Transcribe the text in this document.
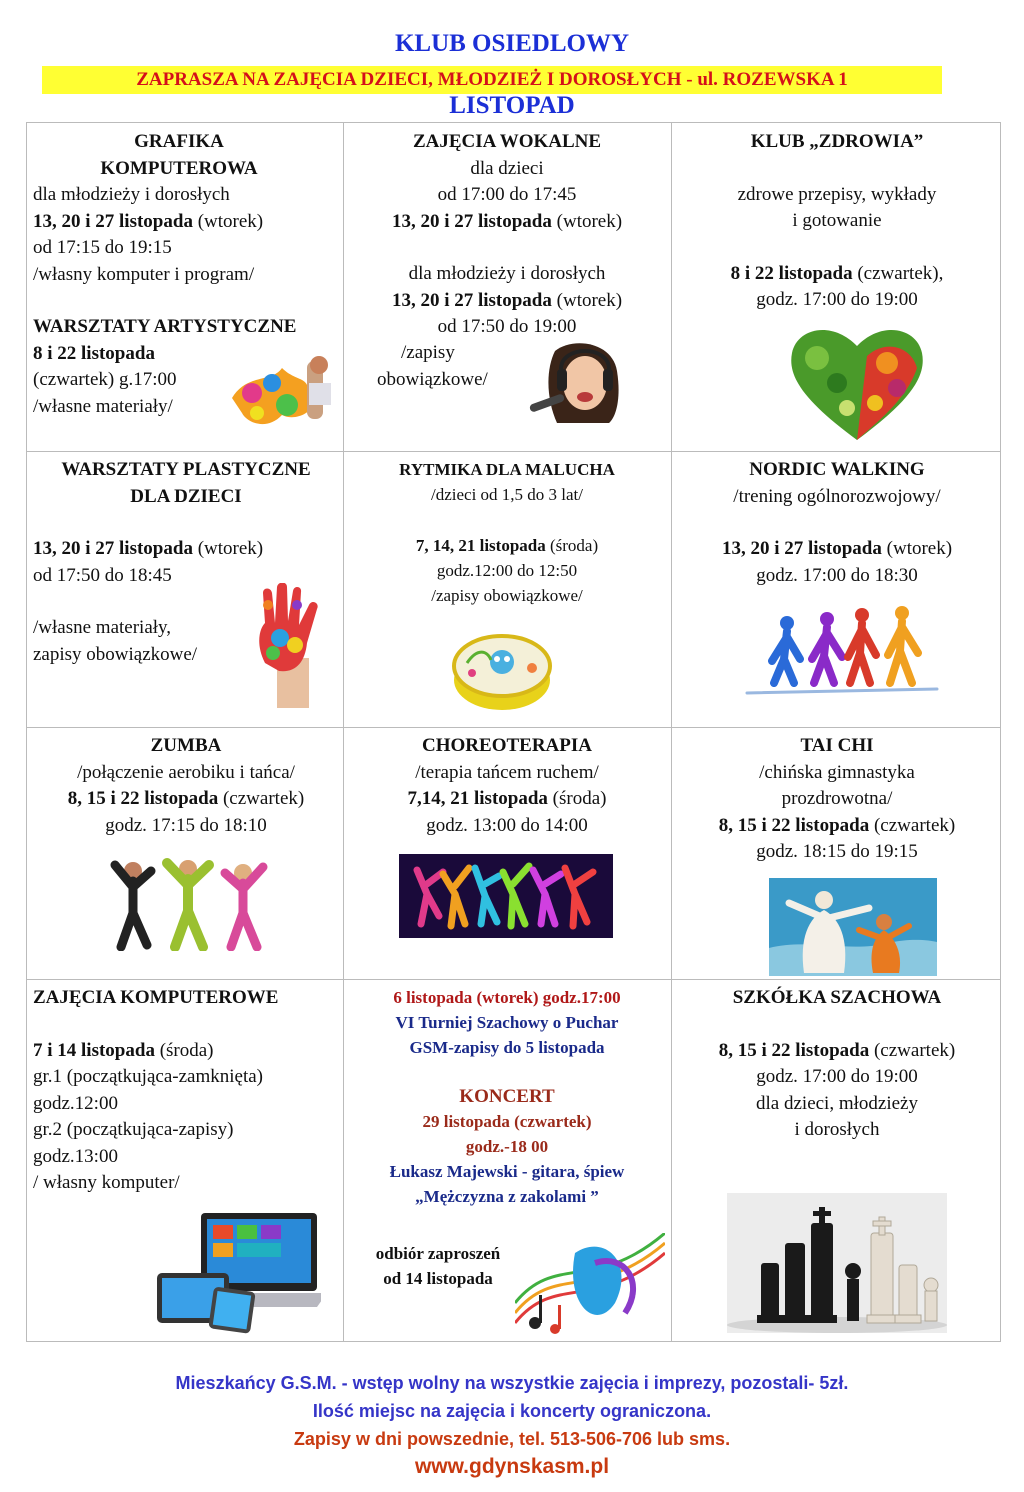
KLUB OSIEDLOWY
ZAPRASZA NA ZAJĘCIA DZIECI, MŁODZIEŻ I DOROSŁYCH - ul. ROZEWSKA 1
LISTOPAD
GRAFIKA
KOMPUTEROWA
dla młodzieży i dorosłych
13, 20 i 27 listopada (wtorek)
od 17:15 do 19:15
/własny komputer i program/
WARSZTATY ARTYSTYCZNE
8 i 22 listopada
(czwartek) g.17:00
/własne materiały/
ZAJĘCIA WOKALNE
dla dzieci
od 17:00 do 17:45
13, 20 i 27 listopada (wtorek)
dla młodzieży i dorosłych
13, 20 i 27 listopada (wtorek)
od 17:50 do 19:00
/zapisy
obowiązkowe/
KLUB „ZDROWIA”
zdrowe przepisy, wykłady
i gotowanie
8 i 22 listopada (czwartek),
godz. 17:00 do 19:00
WARSZTATY PLASTYCZNE
DLA DZIECI
13, 20 i 27 listopada (wtorek)
od 17:50 do 18:45
/własne materiały,
zapisy obowiązkowe/
RYTMIKA DLA MALUCHA
/dzieci od 1,5 do 3 lat/
7, 14, 21 listopada (środa)
godz.12:00 do 12:50
/zapisy obowiązkowe/
NORDIC WALKING
/trening ogólnorozwojowy/
13, 20 i 27 listopada (wtorek)
godz. 17:00 do 18:30
ZUMBA
/połączenie aerobiku i tańca/
8, 15 i 22 listopada (czwartek)
godz. 17:15 do 18:10
CHOREOTERAPIA
/terapia tańcem ruchem/
7,14, 21 listopada (środa)
godz. 13:00 do 14:00
TAI CHI
/chińska gimnastyka
prozdrowotna/
8, 15 i 22 listopada (czwartek)
godz. 18:15 do 19:15
ZAJĘCIA KOMPUTEROWE
7 i 14 listopada (środa)
gr.1 (początkująca-zamknięta)
godz.12:00
gr.2 (początkująca-zapisy)
godz.13:00
/ własny komputer/
6 listopada (wtorek) godz.17:00
VI Turniej Szachowy o Puchar
GSM-zapisy do 5 listopada
KONCERT
29 listopada (czwartek)
godz.-18 00
Łukasz Majewski - gitara, śpiew
„Mężczyzna z zakolami ”
odbiór zaproszeń
od 14 listopada
SZKÓŁKA SZACHOWA
8, 15 i 22 listopada (czwartek)
godz. 17:00 do 19:00
dla dzieci, młodzieży
i dorosłych
Mieszkańcy G.S.M. - wstęp wolny na wszystkie zajęcia i imprezy, pozostali- 5zł.
Ilość miejsc na zajęcia i koncerty ograniczona.
Zapisy w dni powszednie, tel. 513-506-706 lub sms.
www.gdynskasm.pl
